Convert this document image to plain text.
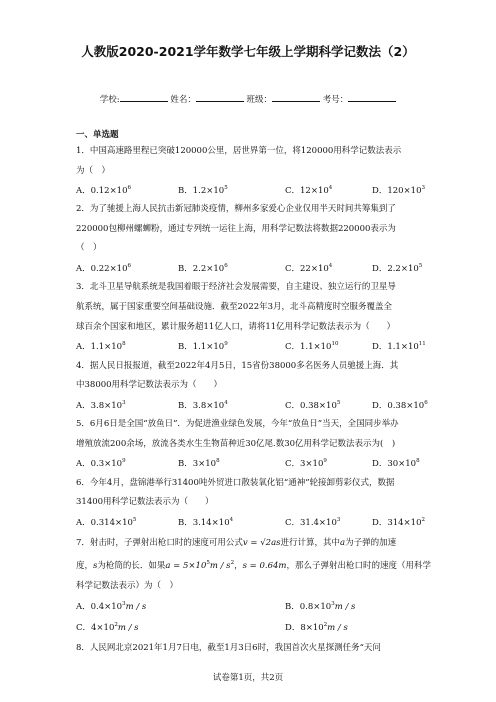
人教版2020-2021学年数学七年级上学期科学记数法（2）
学校:	姓名：	班级：	考号：
一、单选题
1．中国高速路里程已突破120000公里，居世界第一位，将120000用科学记数法表示
为（　）
A．$0.12\times 10^6$	B．$1.2\times 10^5$	C．$12\times 10^4$	D．$120\times 10^3$
2．为了驰援上海人民抗击新冠肺炎疫情，柳州多家爱心企业仅用半天时间共筹集到了
220000包柳州螺蛳粉，通过专列统一运往上海，用科学记数法将数据220000表示为
（　）
A．$0.22\times 10^6$	B．$2.2\times 10^6$	C．$22\times 10^4$	D．$2.2\times 10^5$
3．北斗卫星导航系统是我国着眼于经济社会发展需要，自主建设、独立运行的卫星导
航系统，属于国家重要空间基础设施．截至2022年3月，北斗高精度时空服务覆盖全
球百余个国家和地区，累计服务超11亿人口，请将11亿用科学记数法表示为（　　）
A．$1.1\times 10^8$	B．$1.1\times 10^9$	C．$1.1\times 10^{10}$	D．$1.1\times 10^{11}$
4．据人民日报报道，截至2022年4月5日，15省份38000多名医务人员驰援上海．其
中38000用科学记数法表示为（　　）
A．$3.8\times 10^3$	B．$3.8\times 10^4$	C．$0.38\times 10^5$	D．$0.38\times 10^6$
5．6月6日是全国“放鱼日”．为促进渔业绿色发展，今年“放鱼日”当天，全国同步举办
增殖放流200余场，放流各类水生生物苗种近30亿尾.数30亿用科学记数法表示为(　)
A．$0.3\times 10^9$	B．$3\times 10^8$	C．$3\times 10^9$	D．$30\times 10^8$
6．今年4月，盘锦港举行31400吨外贸进口散装氧化铝“通神”轮接卸剪彩仪式，数据
31400用科学记数法表示为（　　）
A．$0.314\times 10^5$	B．$3.14\times 10^4$	C．$31.4\times 10^3$	D．$314\times 10^2$
7．射击时，子弹射出枪口时的速度可用公式v = √2as进行计算，其中a为子弹的加速
度，s为枪筒的长．如果$a = 5\times 10^5m / s^2$，s = 0.64m，那么子弹射出枪口时的速度（用科学
科学记数法表示）为（　）
A．$0.4\times 10^3m / s$	B．$0.8\times 10^3m / s$
C．$4\times 10^2m / s$	D．$8\times 10^2m / s$
8．人民网北京2021年1月7日电，截至1月3日6时，我国首次火星探测任务“天问
试卷第1页，共2页
